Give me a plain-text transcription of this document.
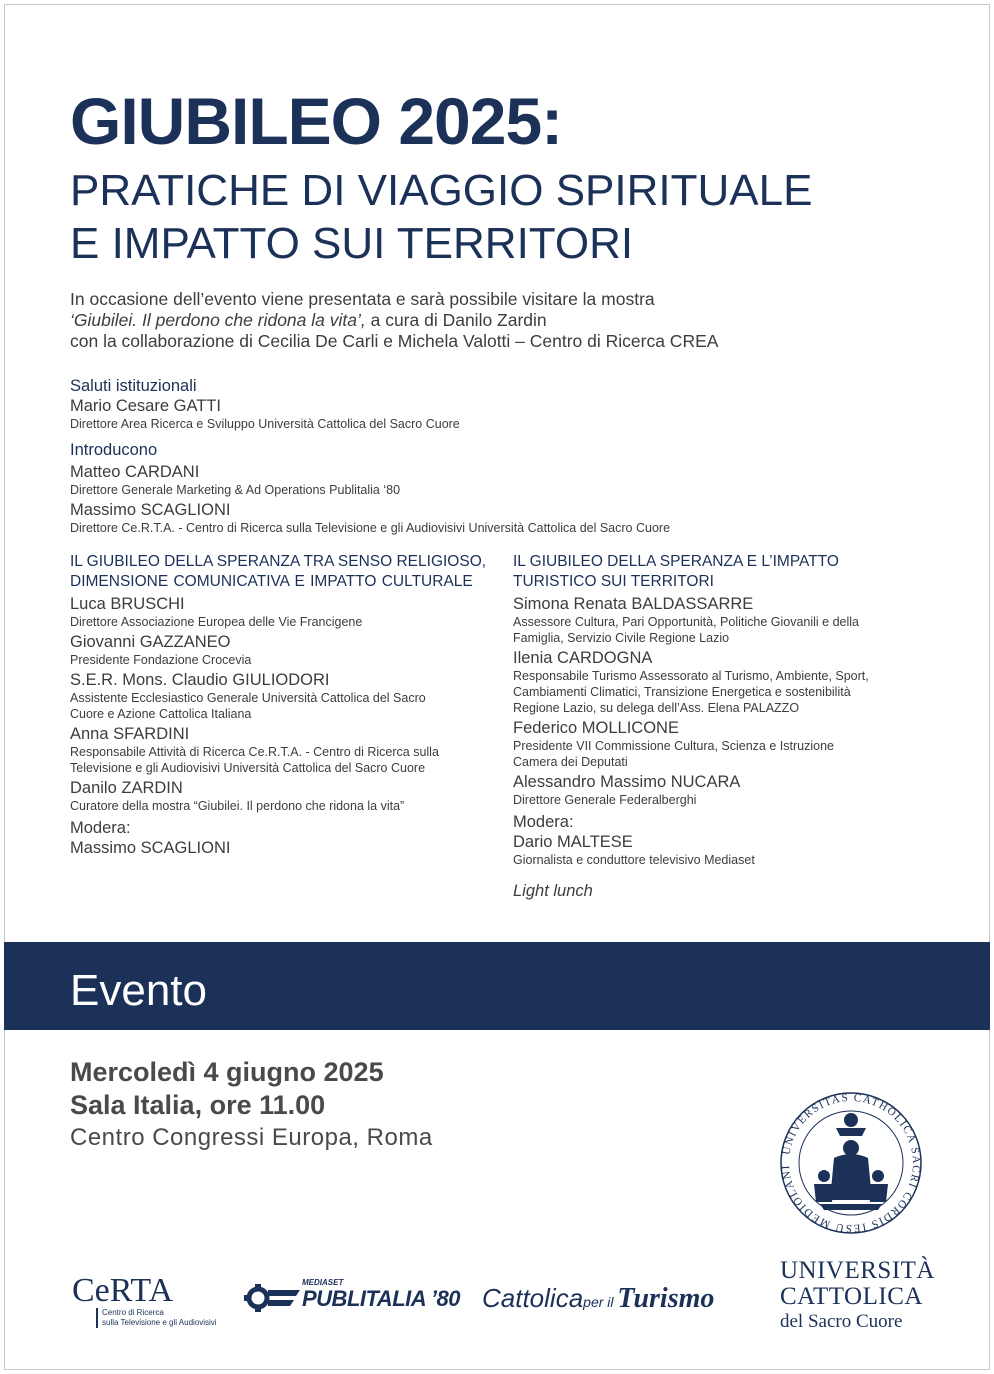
GIUBILEO 2025:
PRATICHE DI VIAGGIO SPIRITUALE
E IMPATTO SUI TERRITORI
In occasione dell’evento viene presentata e sarà possibile visitare la mostra
‘Giubilei. Il perdono che ridona la vita’, a cura di Danilo Zardin
con la collaborazione di Cecilia De Carli e Michela Valotti – Centro di Ricerca CREA
Saluti istituzionali
Mario Cesare GATTI
Direttore Area Ricerca e Sviluppo Università Cattolica del Sacro Cuore
Introducono
Matteo CARDANI
Direttore Generale Marketing & Ad Operations Publitalia ‘80
Massimo SCAGLIONI
Direttore Ce.R.T.A. - Centro di Ricerca sulla Televisione e gli Audiovisivi Università Cattolica del Sacro Cuore
IL GIUBILEO DELLA SPERANZA TRA SENSO RELIGIOSO,
DIMENSIONE COMUNICATIVA E IMPATTO CULTURALE
Luca BRUSCHI
Direttore Associazione Europea delle Vie Francigene
Giovanni GAZZANEO
Presidente Fondazione Crocevia
S.E.R. Mons. Claudio GIULIODORI
Assistente Ecclesiastico Generale Università Cattolica del Sacro
Cuore e Azione Cattolica Italiana
Anna SFARDINI
Responsabile Attività di Ricerca Ce.R.T.A. - Centro di Ricerca sulla
Televisione e gli Audiovisivi Università Cattolica del Sacro Cuore
Danilo ZARDIN
Curatore della mostra “Giubilei. Il perdono che ridona la vita”
Modera:
Massimo SCAGLIONI
IL GIUBILEO DELLA SPERANZA E L’IMPATTO
TURISTICO SUI TERRITORI
Simona Renata BALDASSARRE
Assessore Cultura, Pari Opportunità, Politiche Giovanili e della
Famiglia, Servizio Civile Regione Lazio
Ilenia CARDOGNA
Responsabile Turismo Assessorato al Turismo, Ambiente, Sport,
Cambiamenti Climatici, Transizione Energetica e sostenibilità
Regione Lazio, su delega dell’Ass. Elena PALAZZO
Federico MOLLICONE
Presidente VII Commissione Cultura, Scienza e Istruzione
Camera dei Deputati
Alessandro Massimo NUCARA
Direttore Generale Federalberghi
Modera:
Dario MALTESE
Giornalista e conduttore televisivo Mediaset
Light lunch
Evento
Mercoledì 4 giugno 2025
Sala Italia, ore 11.00
Centro Congressi Europa, Roma	UNIVERSITAS CATHOLICA SACRI CORDIS IESU MEDIOLANI
UNIVERSITÀ
CATTOLICA
del Sacro Cuore
CeRTA
Centro di Ricerca
sulla Televisione e gli Audiovisivi
MEDIASET
PUBLITALIA ’80 Cattolicaper il Turismo
